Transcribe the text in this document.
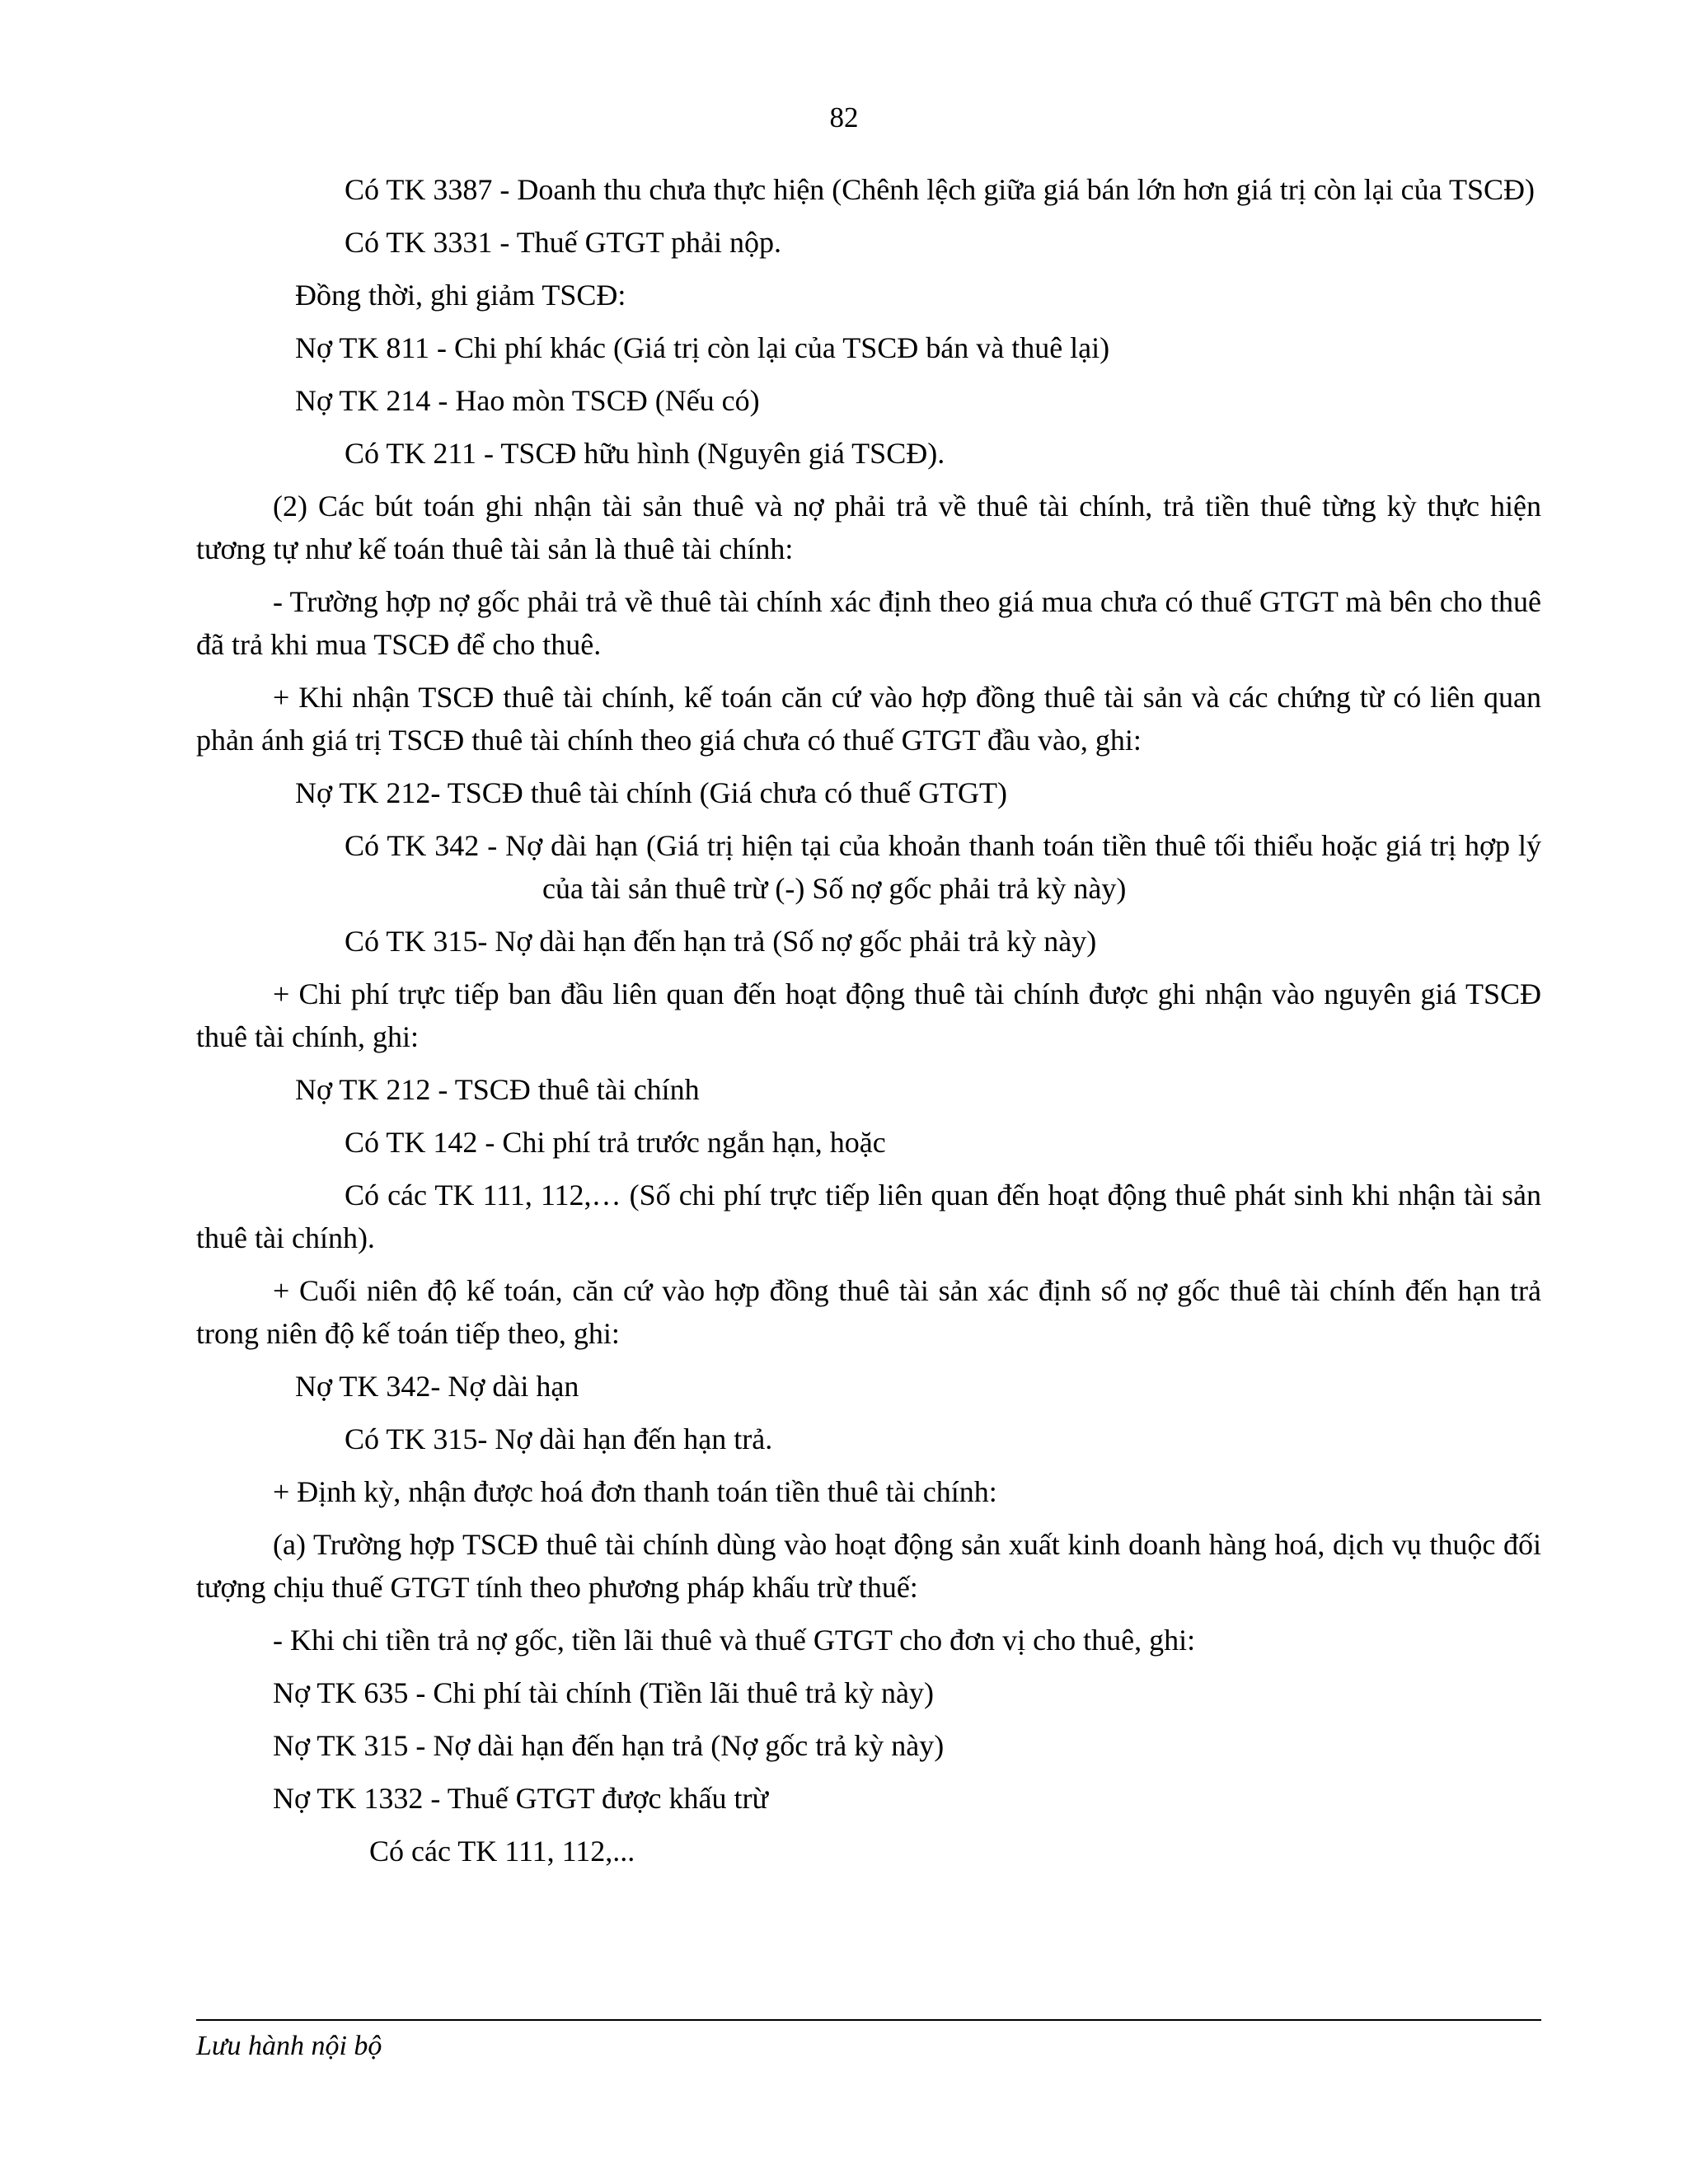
82

Có TK 3387 - Doanh thu chưa thực hiện (Chênh lệch giữa giá bán lớn hơn giá trị còn lại của TSCĐ)

Có TK 3331 - Thuế GTGT phải nộp.

Đồng thời, ghi giảm TSCĐ:

Nợ TK 811 - Chi phí khác (Giá trị còn lại của TSCĐ bán và thuê lại)

Nợ TK 214 - Hao mòn TSCĐ (Nếu có)

Có TK 211 - TSCĐ hữu hình (Nguyên giá TSCĐ).

(2) Các bút toán ghi nhận tài sản thuê và nợ phải trả về thuê tài chính, trả tiền thuê từng kỳ thực hiện tương tự như kế toán thuê tài sản là thuê tài chính:

- Trường hợp nợ gốc phải trả về thuê tài chính xác định theo giá mua chưa có thuế GTGT mà bên cho thuê đã trả khi mua TSCĐ để cho thuê.

+ Khi nhận TSCĐ thuê tài chính, kế toán căn cứ vào hợp đồng thuê tài sản và các chứng từ có liên quan phản ánh giá trị TSCĐ thuê tài chính theo giá chưa có thuế GTGT đầu vào, ghi:

Nợ TK 212- TSCĐ thuê tài chính (Giá chưa có thuế GTGT)

Có TK 342 - Nợ dài hạn (Giá trị hiện tại của khoản thanh toán tiền thuê tối thiểu hoặc giá trị hợp lý của tài sản thuê trừ (-) Số nợ gốc phải trả kỳ này)

Có TK 315- Nợ dài hạn đến hạn trả (Số nợ gốc phải trả kỳ này)

+ Chi phí trực tiếp ban đầu liên quan đến hoạt động thuê tài chính được ghi nhận vào nguyên giá TSCĐ thuê tài chính, ghi:

Nợ TK 212 - TSCĐ thuê tài chính

Có TK 142 - Chi phí trả trước ngắn hạn, hoặc

Có các TK 111, 112,… (Số chi phí trực tiếp liên quan đến hoạt động thuê phát sinh khi nhận tài sản thuê tài chính).

+ Cuối niên độ kế toán, căn cứ vào hợp đồng thuê tài sản xác định số nợ gốc thuê tài chính đến hạn trả trong niên độ kế toán tiếp theo, ghi:

Nợ TK 342- Nợ dài hạn

Có TK 315- Nợ dài hạn đến hạn trả.

+ Định kỳ, nhận được hoá đơn thanh toán tiền thuê tài chính:

(a) Trường hợp TSCĐ thuê tài chính dùng vào hoạt động sản xuất kinh doanh hàng hoá, dịch vụ thuộc đối tượng chịu thuế GTGT tính theo phương pháp khấu trừ thuế:

- Khi chi tiền trả nợ gốc, tiền lãi thuê và thuế GTGT cho đơn vị cho thuê, ghi:

Nợ TK 635 - Chi phí tài chính (Tiền lãi thuê trả kỳ này)

Nợ TK 315 - Nợ dài hạn đến hạn trả (Nợ gốc trả kỳ này)

Nợ TK 1332 - Thuế GTGT được khấu trừ

Có các TK 111, 112,...

Lưu hành nội bộ
